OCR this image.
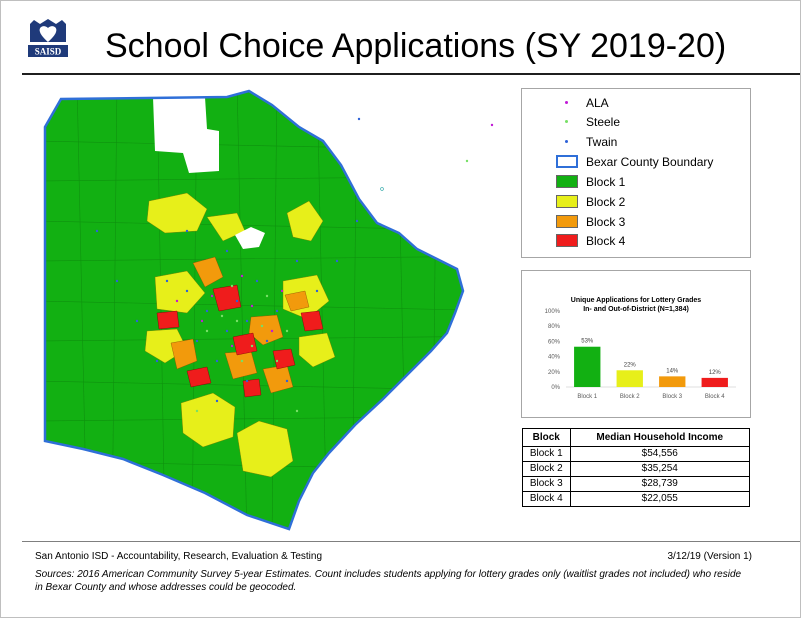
SAISD School Choice Applications (SY 2019-20)
ALA
Steele
Twain
Bexar County Boundary
Block 1
Block 2
Block 3
Block 4
Unique Applications for Lottery Grades
In- and Out-of-District (N=1,384)
0%
20%
40%
60%
80%
100%
53%
Block 1
22%
Block 2
14%
Block 3
12%
Block 4
Block	Median Household Income
Block 1	$54,556
Block 2	$35,254
Block 3	$28,739
Block 4	$22,055
San Antonio ISD - Accountability, Research, Evaluation & Testing	3/12/19 (Version 1)
Sources: 2016 American Community Survey 5-year Estimates. Count includes students applying for lottery grades only (waitlist grades not included) who reside in Bexar County and whose addresses could be geocoded.
